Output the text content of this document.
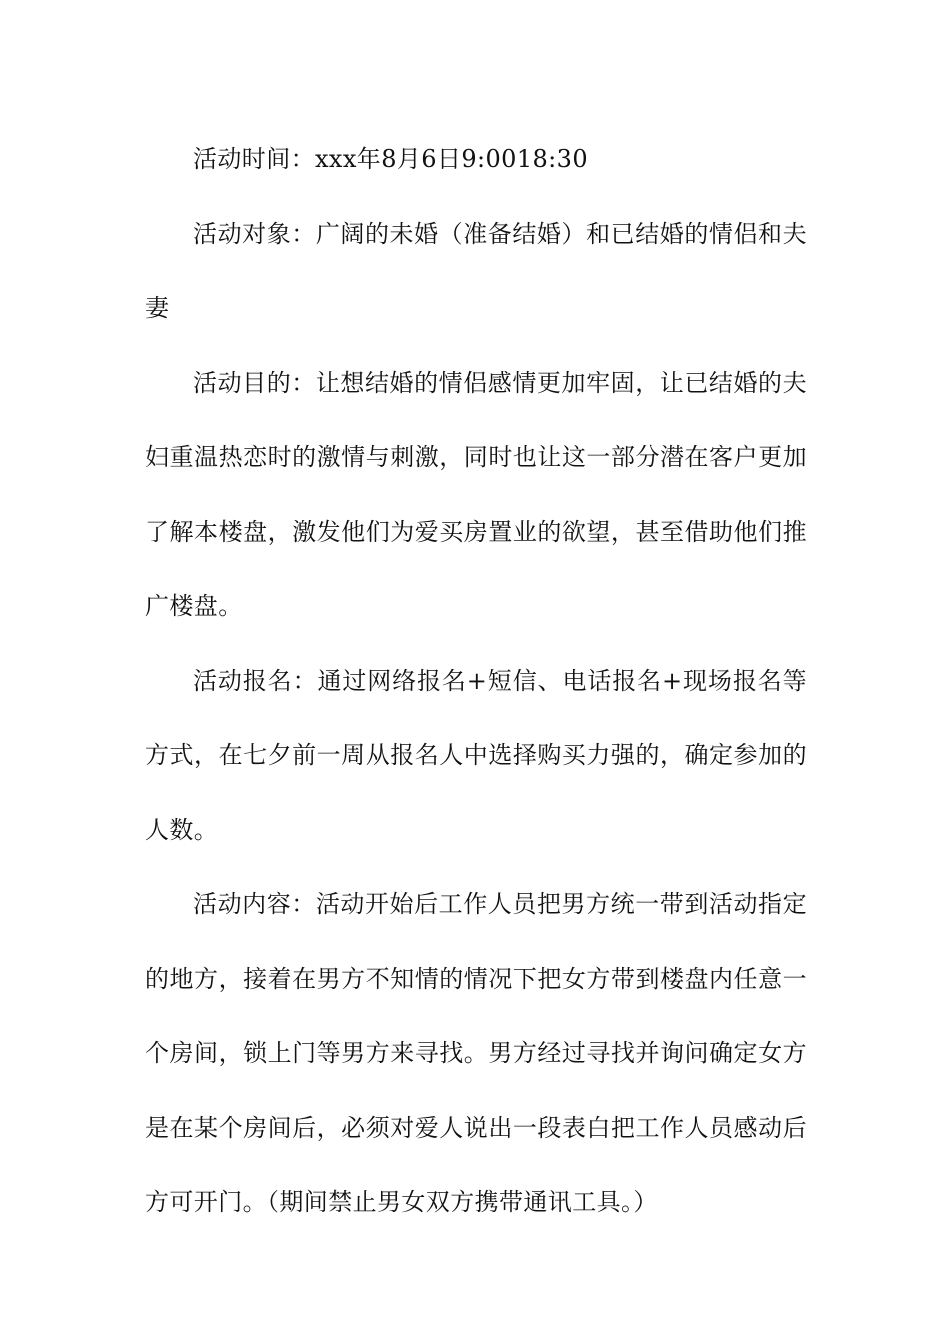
活动时间：xxx年8月6日9:0018:30

活动对象：广阔的未婚（准备结婚）和已结婚的情侣和夫妻

活动目的：让想结婚的情侣感情更加牢固，让已结婚的夫妇重温热恋时的激情与刺激，同时也让这一部分潜在客户更加了解本楼盘，激发他们为爱买房置业的欲望，甚至借助他们推广楼盘。

活动报名：通过网络报名+短信、电话报名+现场报名等方式，在七夕前一周从报名人中选择购买力强的，确定参加的人数。

活动内容：活动开始后工作人员把男方统一带到活动指定的地方，接着在男方不知情的情况下把女方带到楼盘内任意一个房间，锁上门等男方来寻找。男方经过寻找并询问确定女方是在某个房间后，必须对爱人说出一段表白把工作人员感动后方可开门。（期间禁止男女双方携带通讯工具。）
